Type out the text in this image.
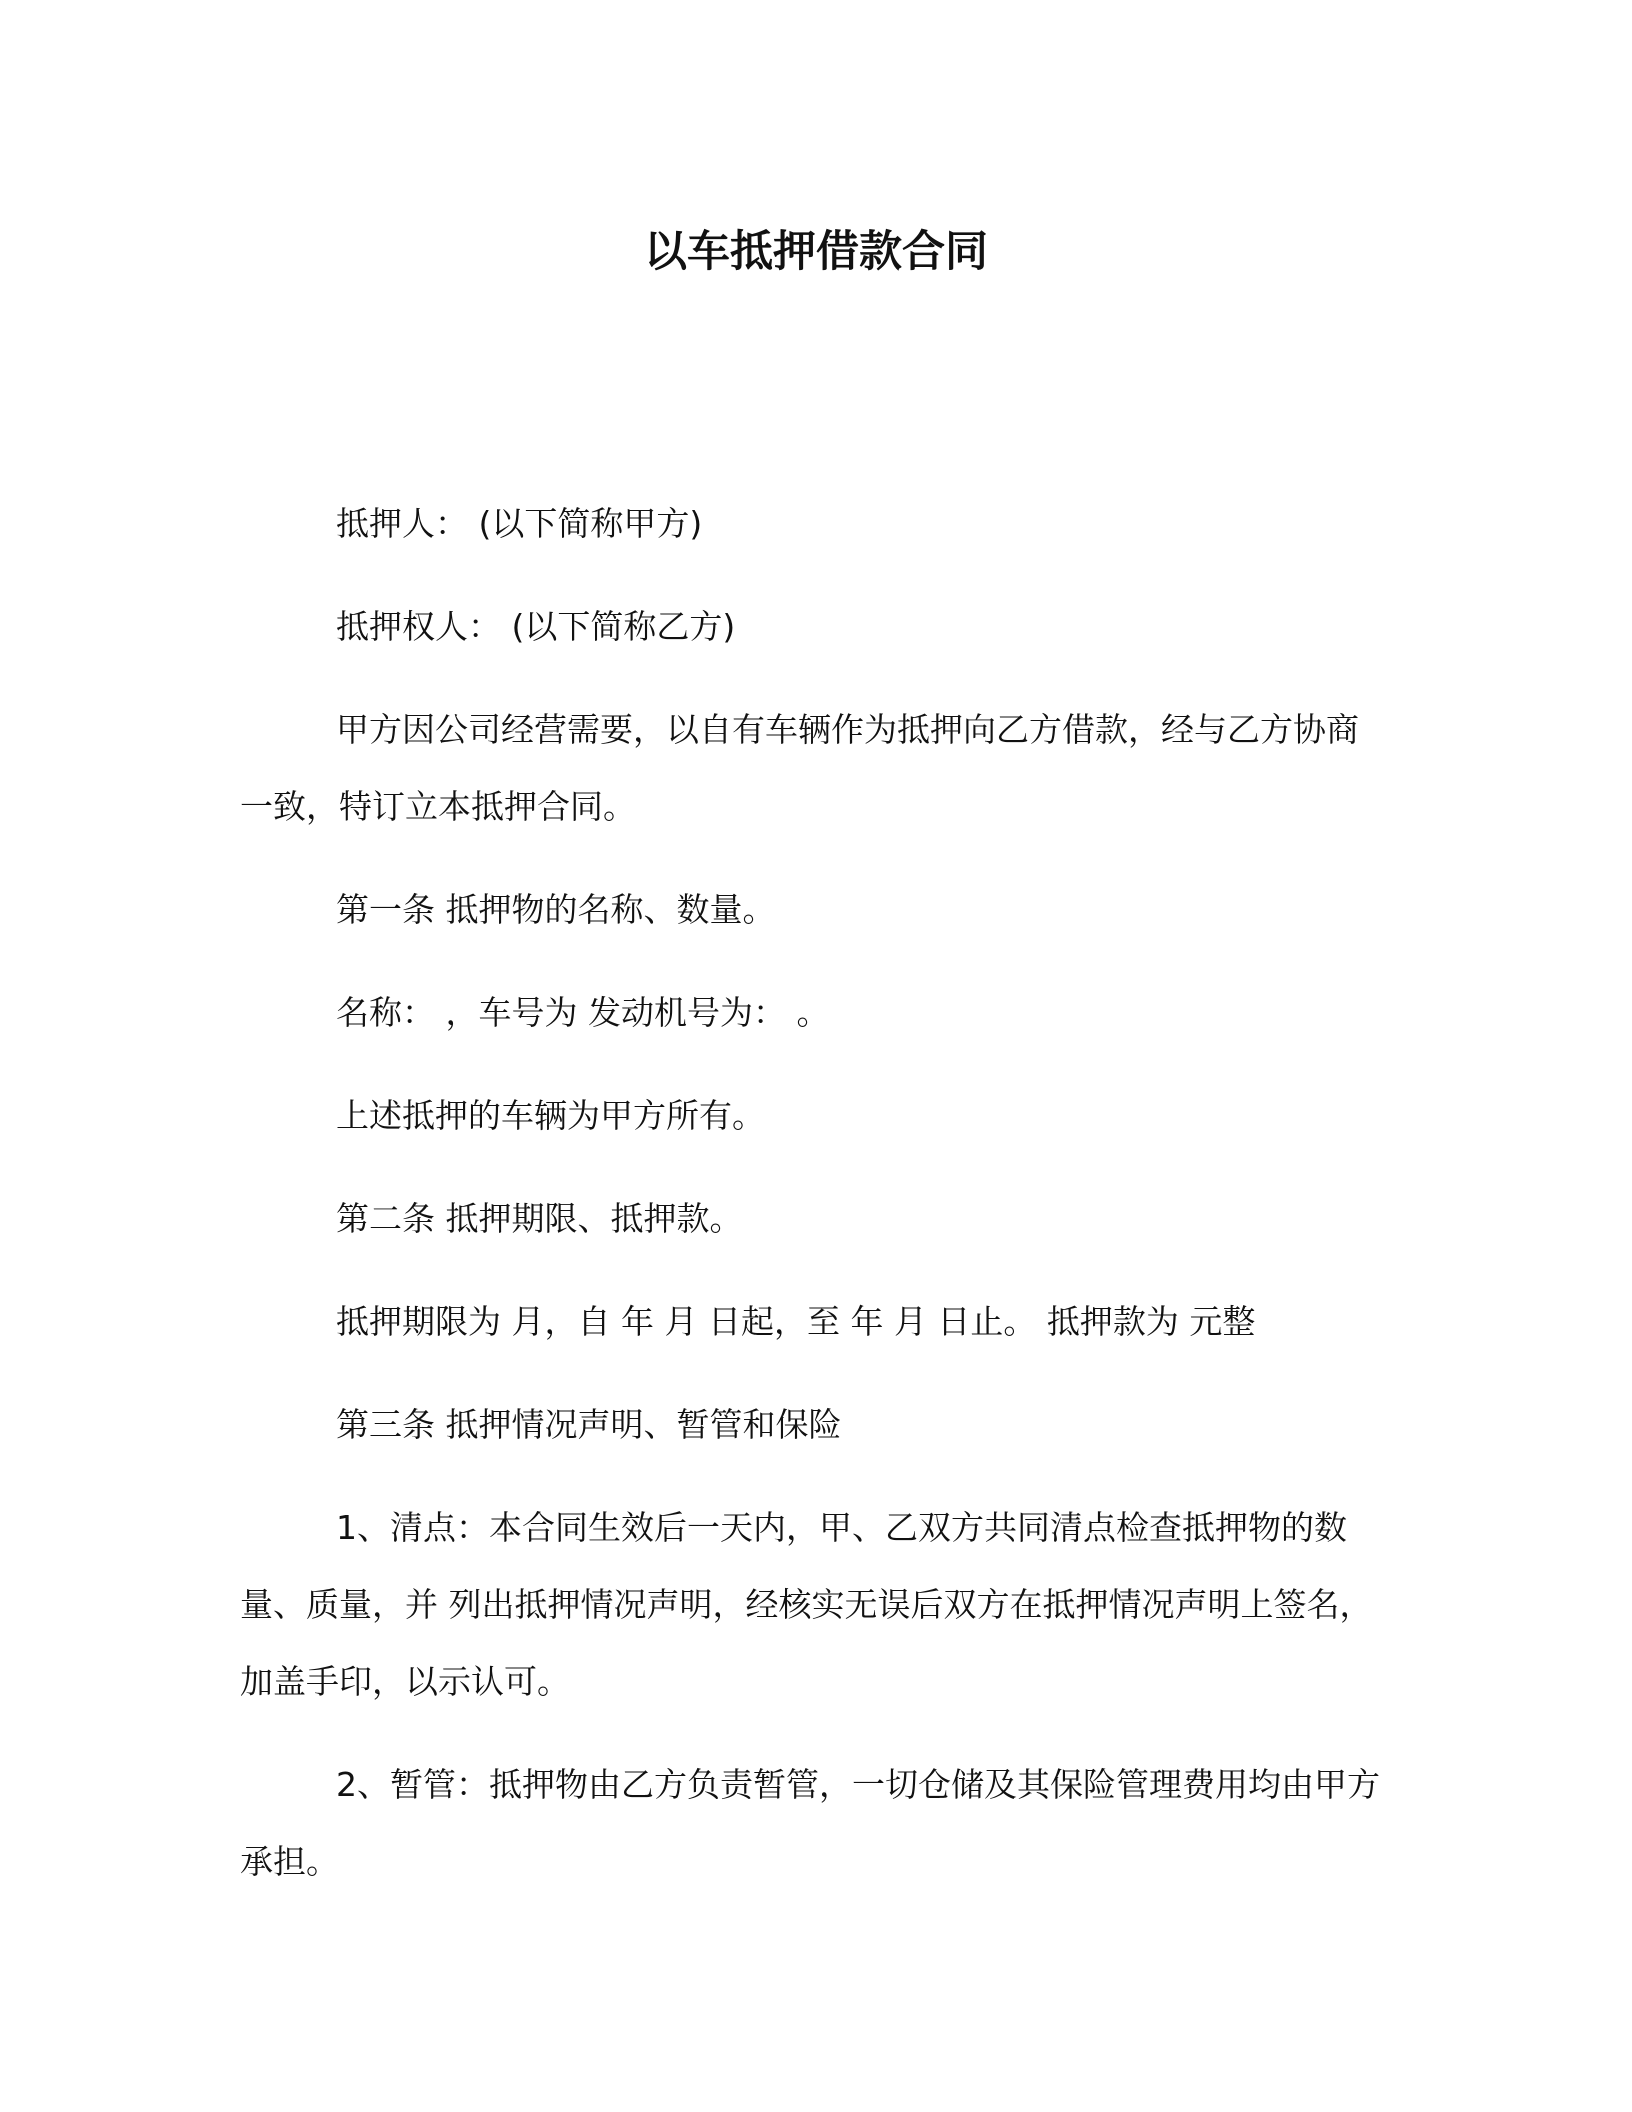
以车抵押借款合同

抵押人： (以下简称甲方)

抵押权人： (以下简称乙方)

甲方因公司经营需要，以自有车辆作为抵押向乙方借款，经与乙方协商一致，特订立本抵押合同。

第一条 抵押物的名称、数量。

名称： ，车号为 发动机号为： 。

上述抵押的车辆为甲方所有。

第二条 抵押期限、抵押款。

抵押期限为 月，自 年 月 日起，至 年 月 日止。 抵押款为 元整

第三条 抵押情况声明、暂管和保险

1、清点：本合同生效后一天内，甲、乙双方共同清点检查抵押物的数量、质量，并 列出抵押情况声明，经核实无误后双方在抵押情况声明上签名，加盖手印，以示认可。

2、暂管：抵押物由乙方负责暂管，一切仓储及其保险管理费用均由甲方承担。
